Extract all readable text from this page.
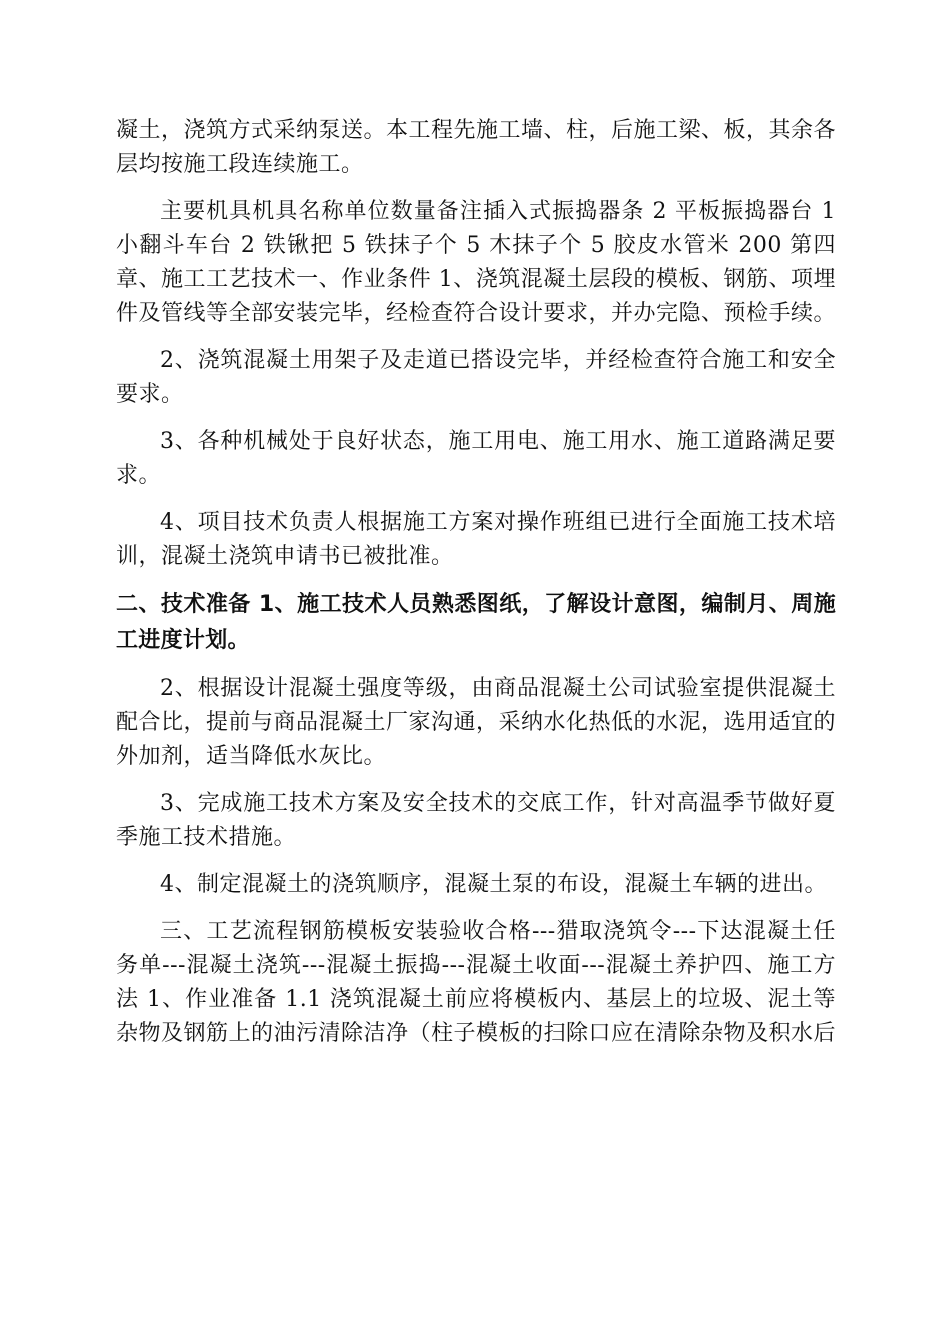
凝土，浇筑方式采纳泵送。本工程先施工墙、柱，后施工梁、板，其余各层均按施工段连续施工。

主要机具机具名称单位数量备注插入式振捣器条 2 平板振捣器台 1 小翻斗车台 2 铁锹把 5 铁抹子个 5 木抹子个 5 胶皮水管米 200 第四章、施工工艺技术一、作业条件 1、浇筑混凝土层段的模板、钢筋、项埋件及管线等全部安装完毕，经检查符合设计要求，并办完隐、预检手续。

2、浇筑混凝土用架子及走道已搭设完毕，并经检查符合施工和安全要求。

3、各种机械处于良好状态，施工用电、施工用水、施工道路满足要求。

4、项目技术负责人根据施工方案对操作班组已进行全面施工技术培训，混凝土浇筑申请书已被批准。

二、技术准备 1、施工技术人员熟悉图纸，了解设计意图，编制月、周施工进度计划。

2、根据设计混凝土强度等级，由商品混凝土公司试验室提供混凝土配合比，提前与商品混凝土厂家沟通，采纳水化热低的水泥，选用适宜的外加剂，适当降低水灰比。

3、完成施工技术方案及安全技术的交底工作，针对高温季节做好夏季施工技术措施。

4、制定混凝土的浇筑顺序，混凝土泵的布设，混凝土车辆的进出。

三、工艺流程钢筋模板安装验收合格---猎取浇筑令---下达混凝土任务单---混凝土浇筑---混凝土振捣---混凝土收面---混凝土养护四、施工方法 1、作业准备 1.1 浇筑混凝土前应将模板内、基层上的垃圾、泥土等杂物及钢筋上的油污清除洁净（柱子模板的扫除口应在清除杂物及积水后
